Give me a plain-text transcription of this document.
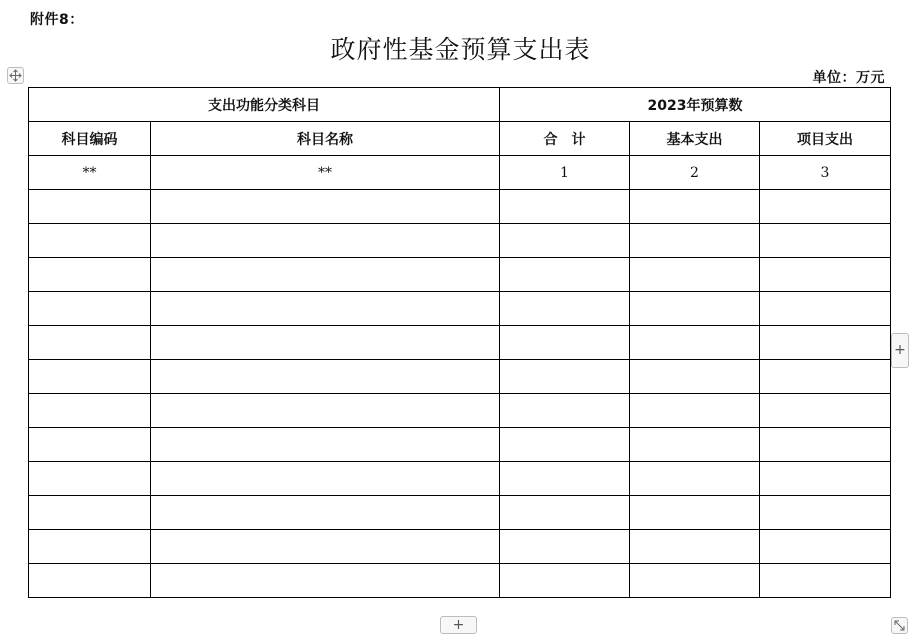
附件8：
政府性基金预算支出表
单位：万元
支出功能分类科目		2023年预算数		
科目编码	科目名称	合　计	基本支出	项目支出
**	**	1	2	3

+
+
